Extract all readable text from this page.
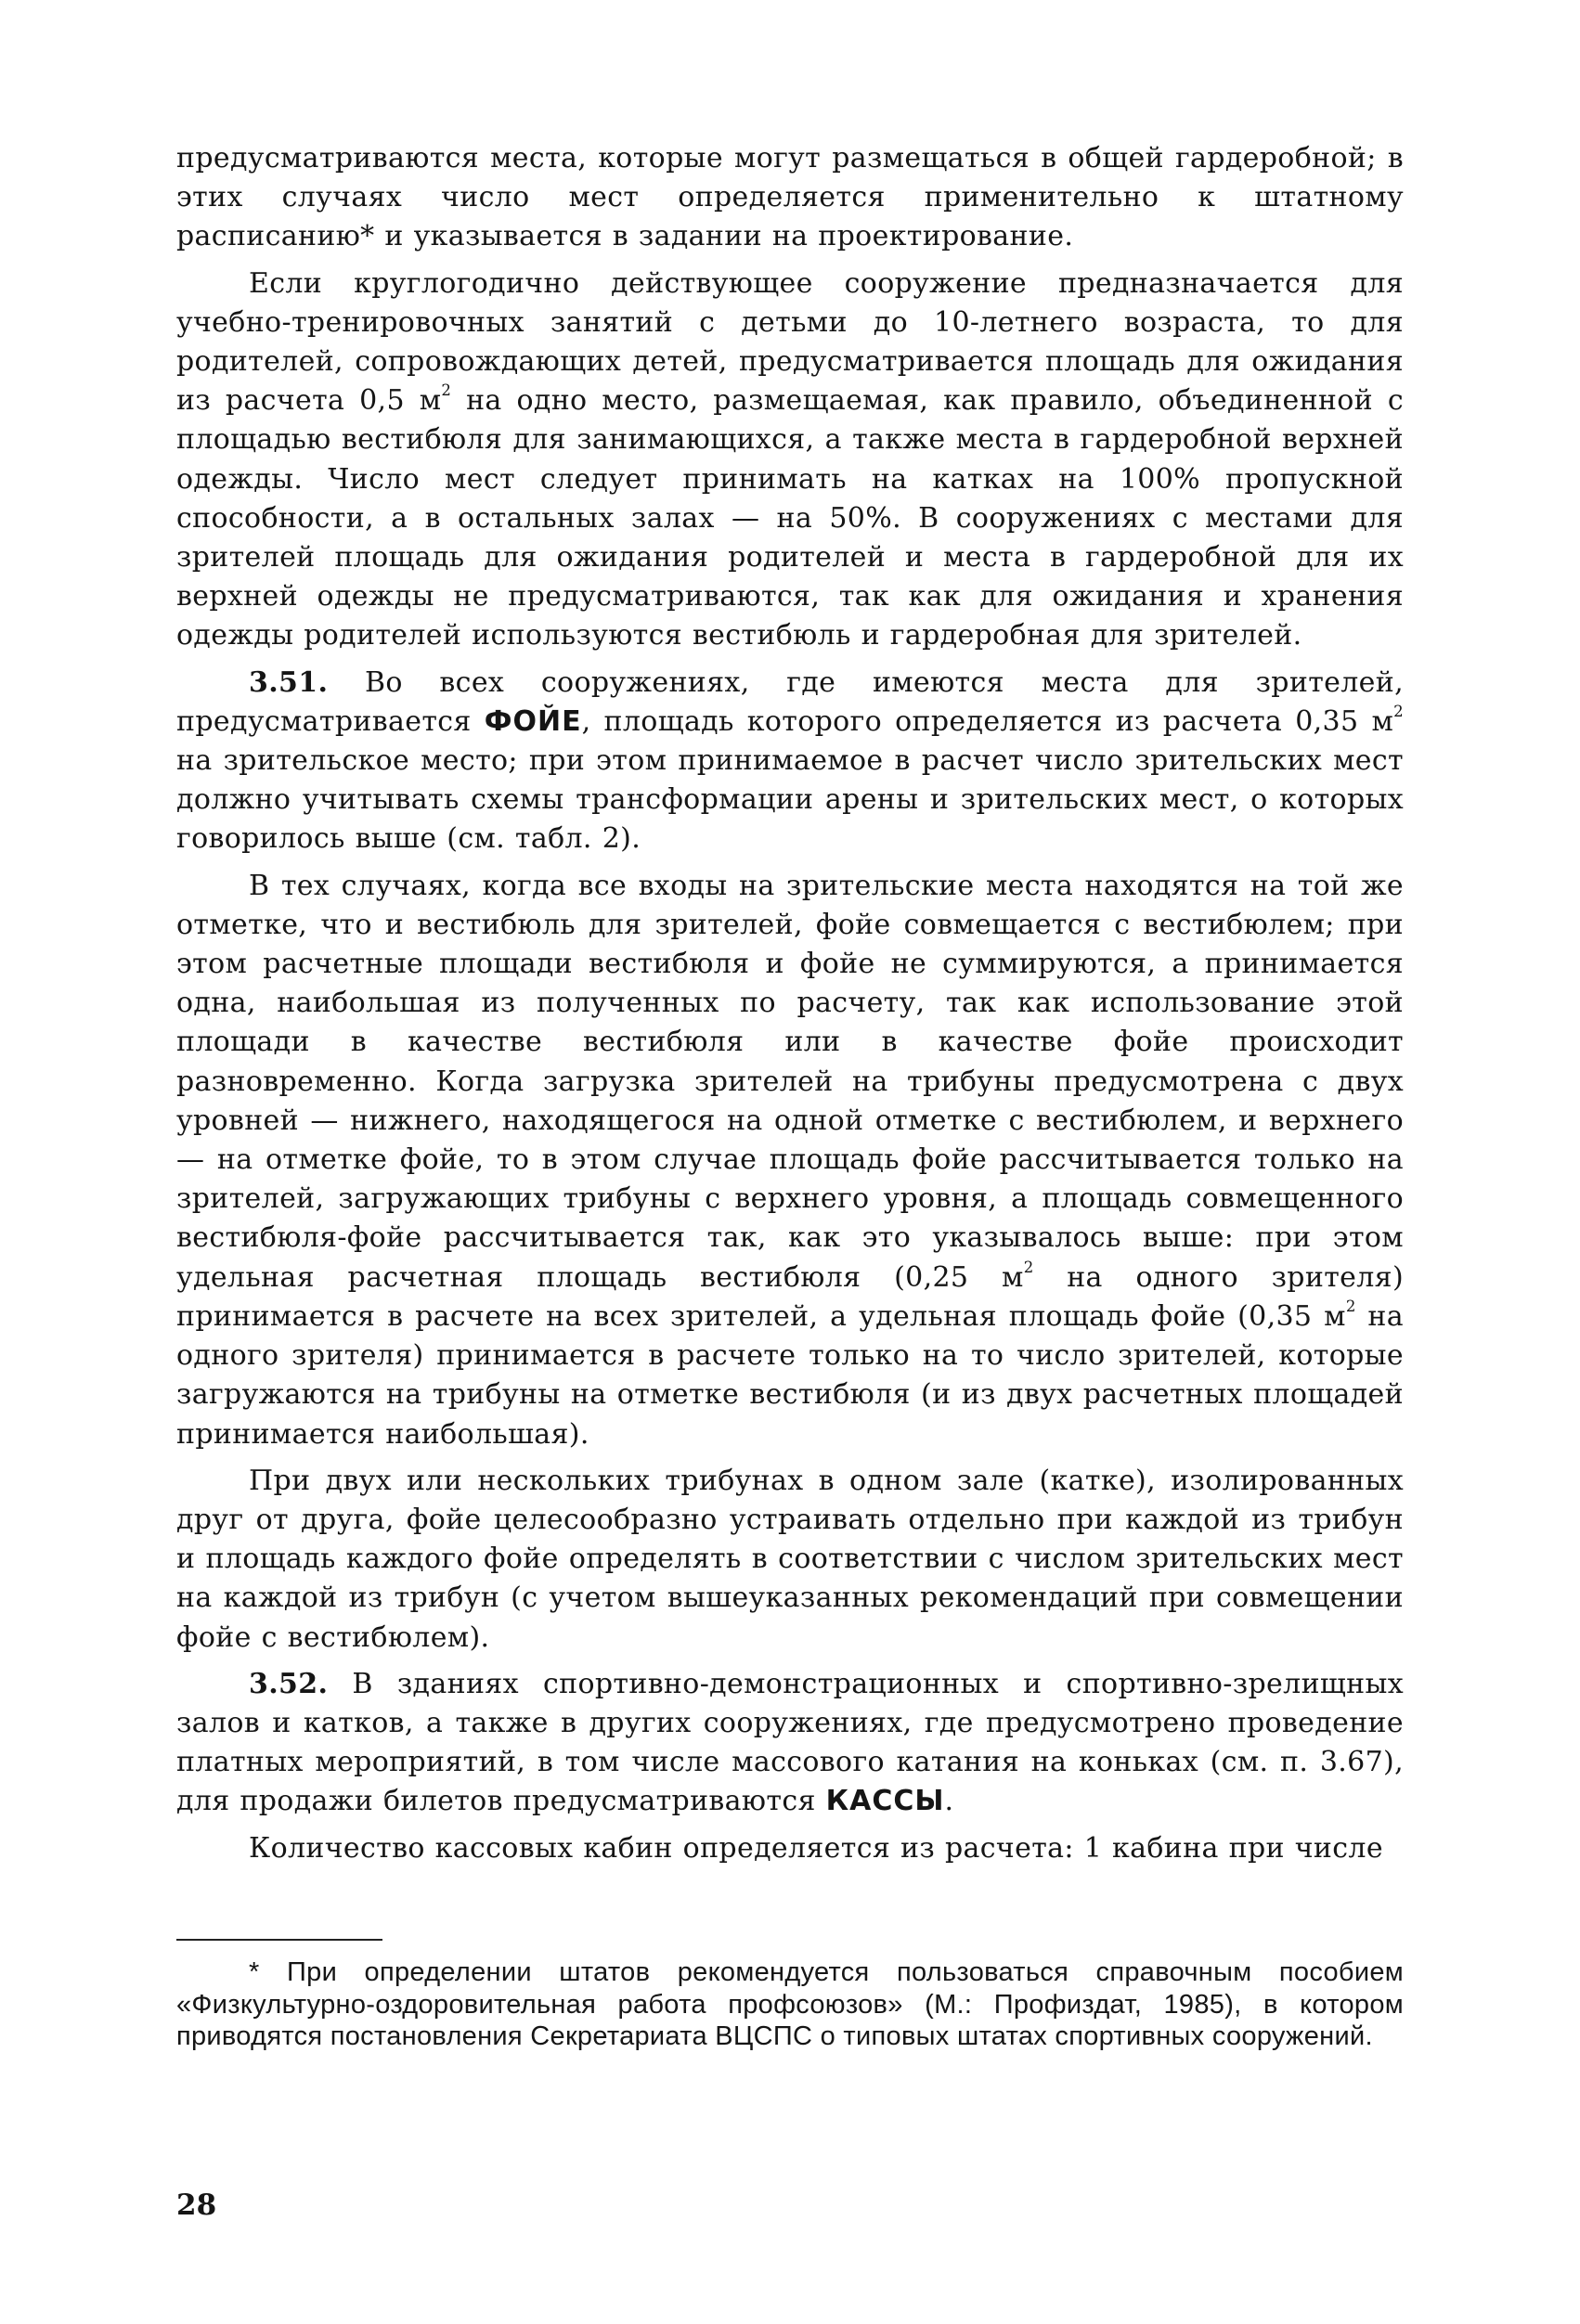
предусматриваются места, которые могут размещаться в общей гардеробной; в этих случаях число мест определяется применительно к штатному расписанию* и указывается в задании на проектирование.

Если круглогодично действующее сооружение предназначается для учебно-тренировочных занятий с детьми до 10-летнего возраста, то для родителей, сопровождающих детей, предусматривается площадь для ожидания из расчета 0,5 $м^2$ на одно место, размещаемая, как правило, объединенной с площадью вестибюля для занимающихся, а также места в гардеробной верхней одежды. Число мест следует принимать на катках на 100% пропускной способности, а в остальных залах — на 50%. В сооружениях с местами для зрителей площадь для ожидания родителей и места в гардеробной для их верхней одежды не предусматриваются, так как для ожидания и хранения одежды родителей используются вестибюль и гардеробная для зрителей.

3.51. Во всех сооружениях, где имеются места для зрителей, предусматривается ФОЙЕ, площадь которого определяется из расчета 0,35 $м^2$ на зрительское место; при этом принимаемое в расчет число зрительских мест должно учитывать схемы трансформации арены и зрительских мест, о которых говорилось выше (см. табл. 2).

В тех случаях, когда все входы на зрительские места находятся на той же отметке, что и вестибюль для зрителей, фойе совмещается с вестибюлем; при этом расчетные площади вестибюля и фойе не суммируются, а принимается одна, наибольшая из полученных по расчету, так как использование этой площади в качестве вестибюля или в качестве фойе происходит разновременно. Когда загрузка зрителей на трибуны предусмотрена с двух уровней — нижнего, находящегося на одной отметке с вестибюлем, и верхнего — на отметке фойе, то в этом случае площадь фойе рассчитывается только на зрителей, загружающих трибуны с верхнего уровня, а площадь совмещенного вестибюля-фойе рассчитывается так, как это указывалось выше: при этом удельная расчетная площадь вестибюля (0,25 $м^2$ на одного зрителя) принимается в расчете на всех зрителей, а удельная площадь фойе (0,35 $м^2$ на одного зрителя) принимается в расчете только на то число зрителей, которые загружаются на трибуны на отметке вестибюля (и из двух расчетных площадей принимается наибольшая).

При двух или нескольких трибунах в одном зале (катке), изолированных друг от друга, фойе целесообразно устраивать отдельно при каждой из трибун и площадь каждого фойе определять в соответствии с числом зрительских мест на каждой из трибун (с учетом вышеуказанных рекомендаций при совмещении фойе с вестибюлем).

3.52. В зданиях спортивно-демонстрационных и спортивно-зрелищных залов и катков, а также в других сооружениях, где предусмотрено проведение платных мероприятий, в том числе массового катания на коньках (см. п. 3.67), для продажи билетов предусматриваются КАССЫ.

Количество кассовых кабин определяется из расчета: 1 кабина при числе

* При определении штатов рекомендуется пользоваться справочным пособием «Физкультурно-оздоровительная работа профсоюзов» (М.: Профиздат, 1985), в котором приводятся постановления Секретариата ВЦСПС о типовых штатах спортивных сооружений.

28
